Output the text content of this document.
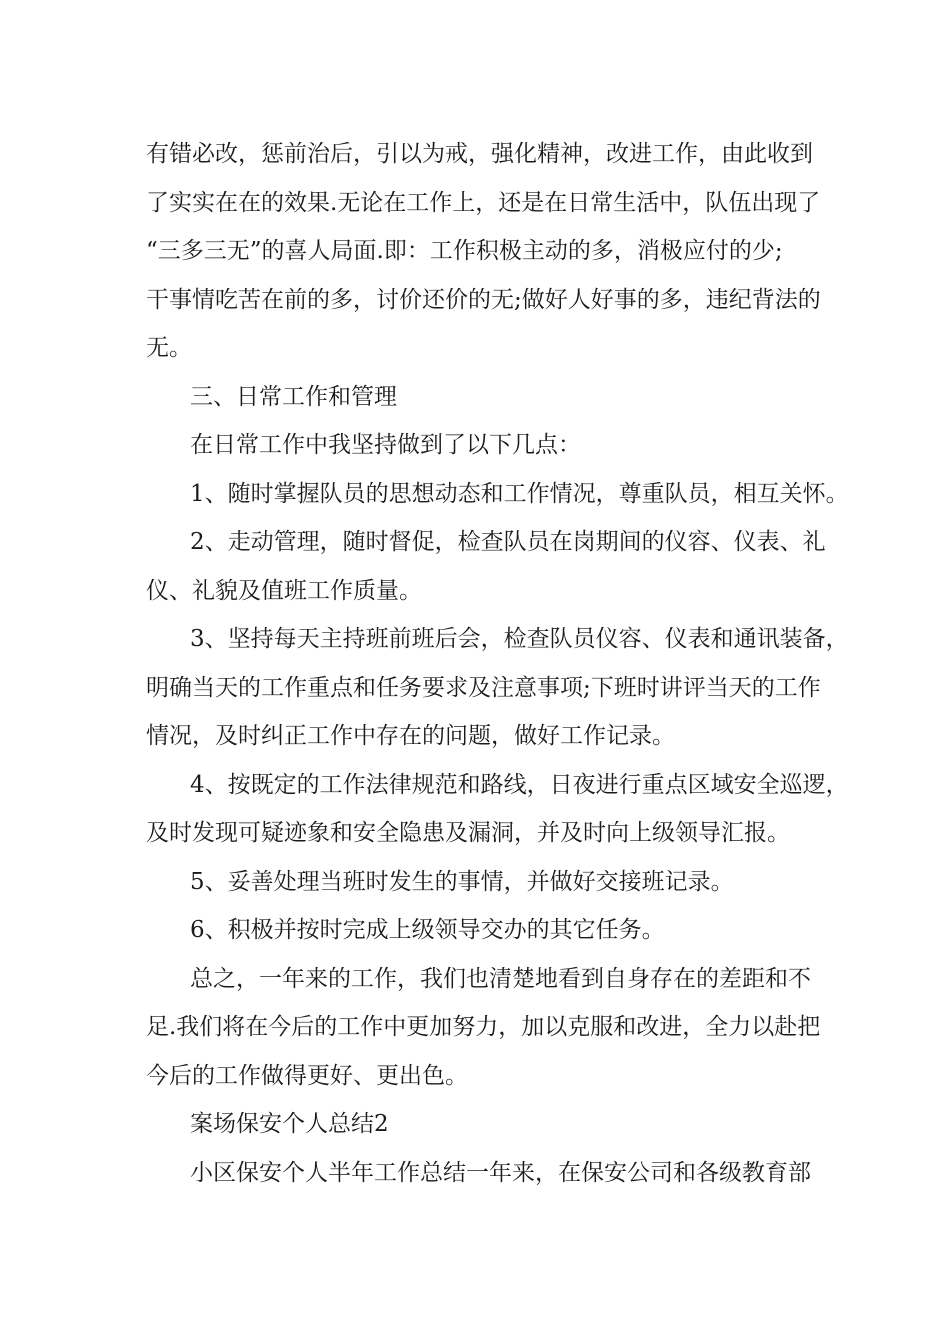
有错必改，惩前治后，引以为戒，强化精神，改进工作，由此收到
了实实在在的效果.无论在工作上，还是在日常生活中，队伍出现了
“三多三无”的喜人局面.即：工作积极主动的多，消极应付的少;
干事情吃苦在前的多，讨价还价的无;做好人好事的多，违纪背法的
无。
三、日常工作和管理
在日常工作中我坚持做到了以下几点：
1、随时掌握队员的思想动态和工作情况，尊重队员，相互关怀。
2、走动管理，随时督促，检查队员在岗期间的仪容、仪表、礼
仪、礼貌及值班工作质量。
3、坚持每天主持班前班后会，检查队员仪容、仪表和通讯装备，
明确当天的工作重点和任务要求及注意事项;下班时讲评当天的工作
情况，及时纠正工作中存在的问题，做好工作记录。
4、按既定的工作法律规范和路线，日夜进行重点区域安全巡逻，
及时发现可疑迹象和安全隐患及漏洞，并及时向上级领导汇报。
5、妥善处理当班时发生的事情，并做好交接班记录。
6、积极并按时完成上级领导交办的其它任务。
总之，一年来的工作，我们也清楚地看到自身存在的差距和不
足.我们将在今后的工作中更加努力，加以克服和改进，全力以赴把
今后的工作做得更好、更出色。
案场保安个人总结2
小区保安个人半年工作总结一年来，在保安公司和各级教育部
